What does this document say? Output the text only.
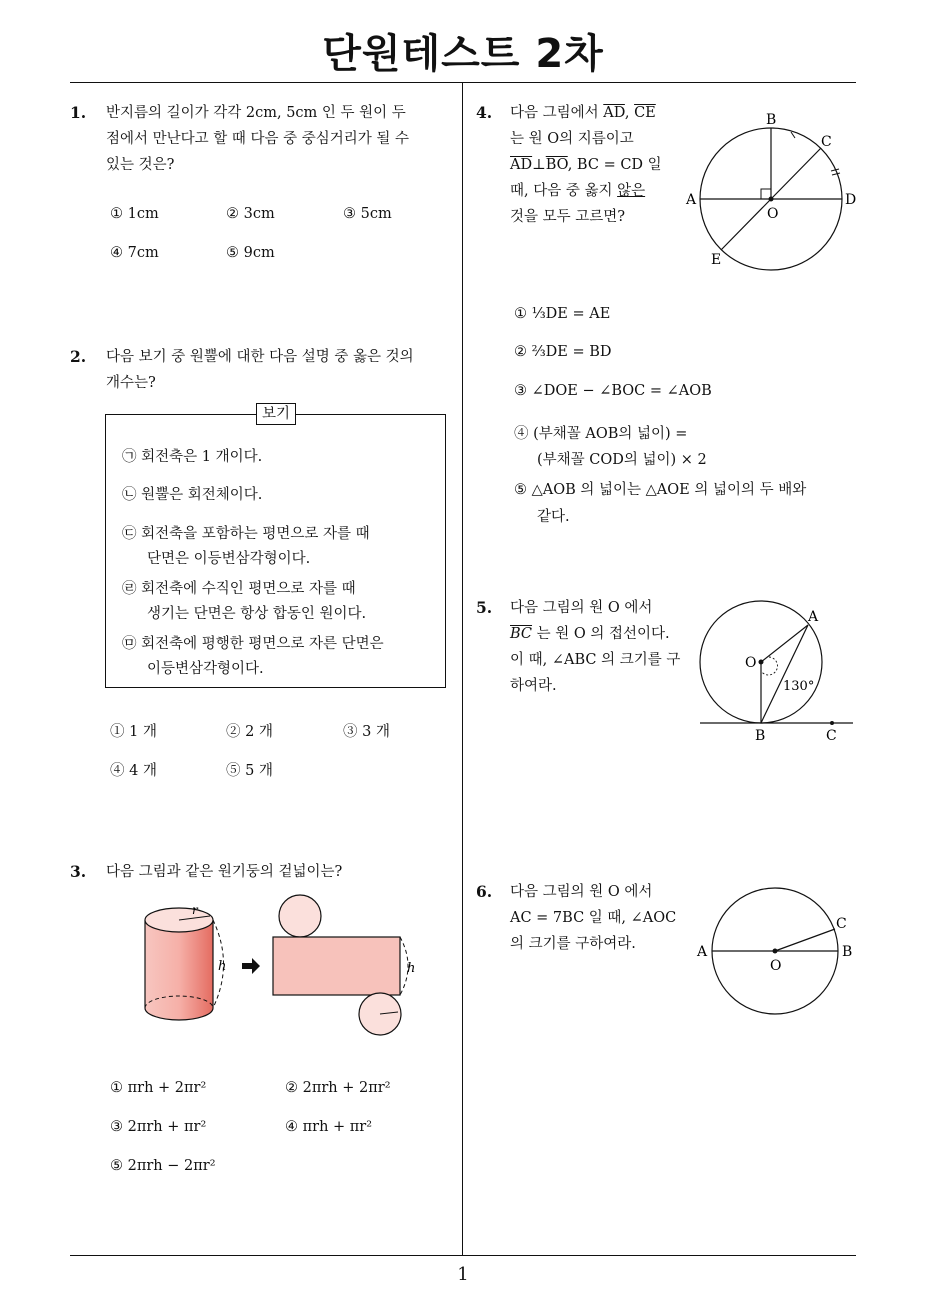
단원테스트 2차
1
1. 반지름의 길이가 각각 2cm, 5cm 인 두 원이 두
점에서 만난다고 할 때 다음 중 중심거리가 될 수
있는 것은?
① 1cm	② 3cm	③ 5cm
④ 7cm	⑤ 9cm
2. 다음 보기 중 원뿔에 대한 다음 설명 중 옳은 것의
개수는?
보기
㉠ 회전축은 1 개이다.
㉡ 원뿔은 회전체이다.
㉢ 회전축을 포함하는 평면으로 자를 때
단면은 이등변삼각형이다.
㉣ 회전축에 수직인 평면으로 자를 때
생기는 단면은 항상 합동인 원이다.
㉤ 회전축에 평행한 평면으로 자른 단면은
이등변삼각형이다.
① 1 개	② 2 개	③ 3 개
④ 4 개	⑤ 5 개
3. 다음 그림과 같은 원기둥의 겉넓이는?
r
h	h
① πrh + 2πr²	② 2πrh + 2πr²
③ 2πrh + πr²	④ πrh + πr²
⑤ 2πrh − 2πr²
4. 다음 그림에서 $\overline{AD}$, $\overline{CE}$
는 원 O의 지름이고
$\overline{AD}\perp\overline{BO}$, BC = CD 일
때, 다음 중 옳지 않은
것을 모두 고르면?
B
C
A	D
O
E
① ⅓DE = AE
② ⅔DE = BD
③ ∠DOE − ∠BOC = ∠AOB
④ (부채꼴 AOB의 넓이) =
(부채꼴 COD의 넓이) × 2
⑤ △AOB 의 넓이는 △AOE 의 넓이의 두 배와
같다.
5. 다음 그림의 원 O 에서
$\overline{BC}$ 는 원 O 의 접선이다.
이 때, ∠ABC 의 크기를 구
하여라.
A
O
130°
B	C
6. 다음 그림의 원 O 에서
AC = 7BC 일 때, ∠AOC
의 크기를 구하여라.	A	B
C
O
